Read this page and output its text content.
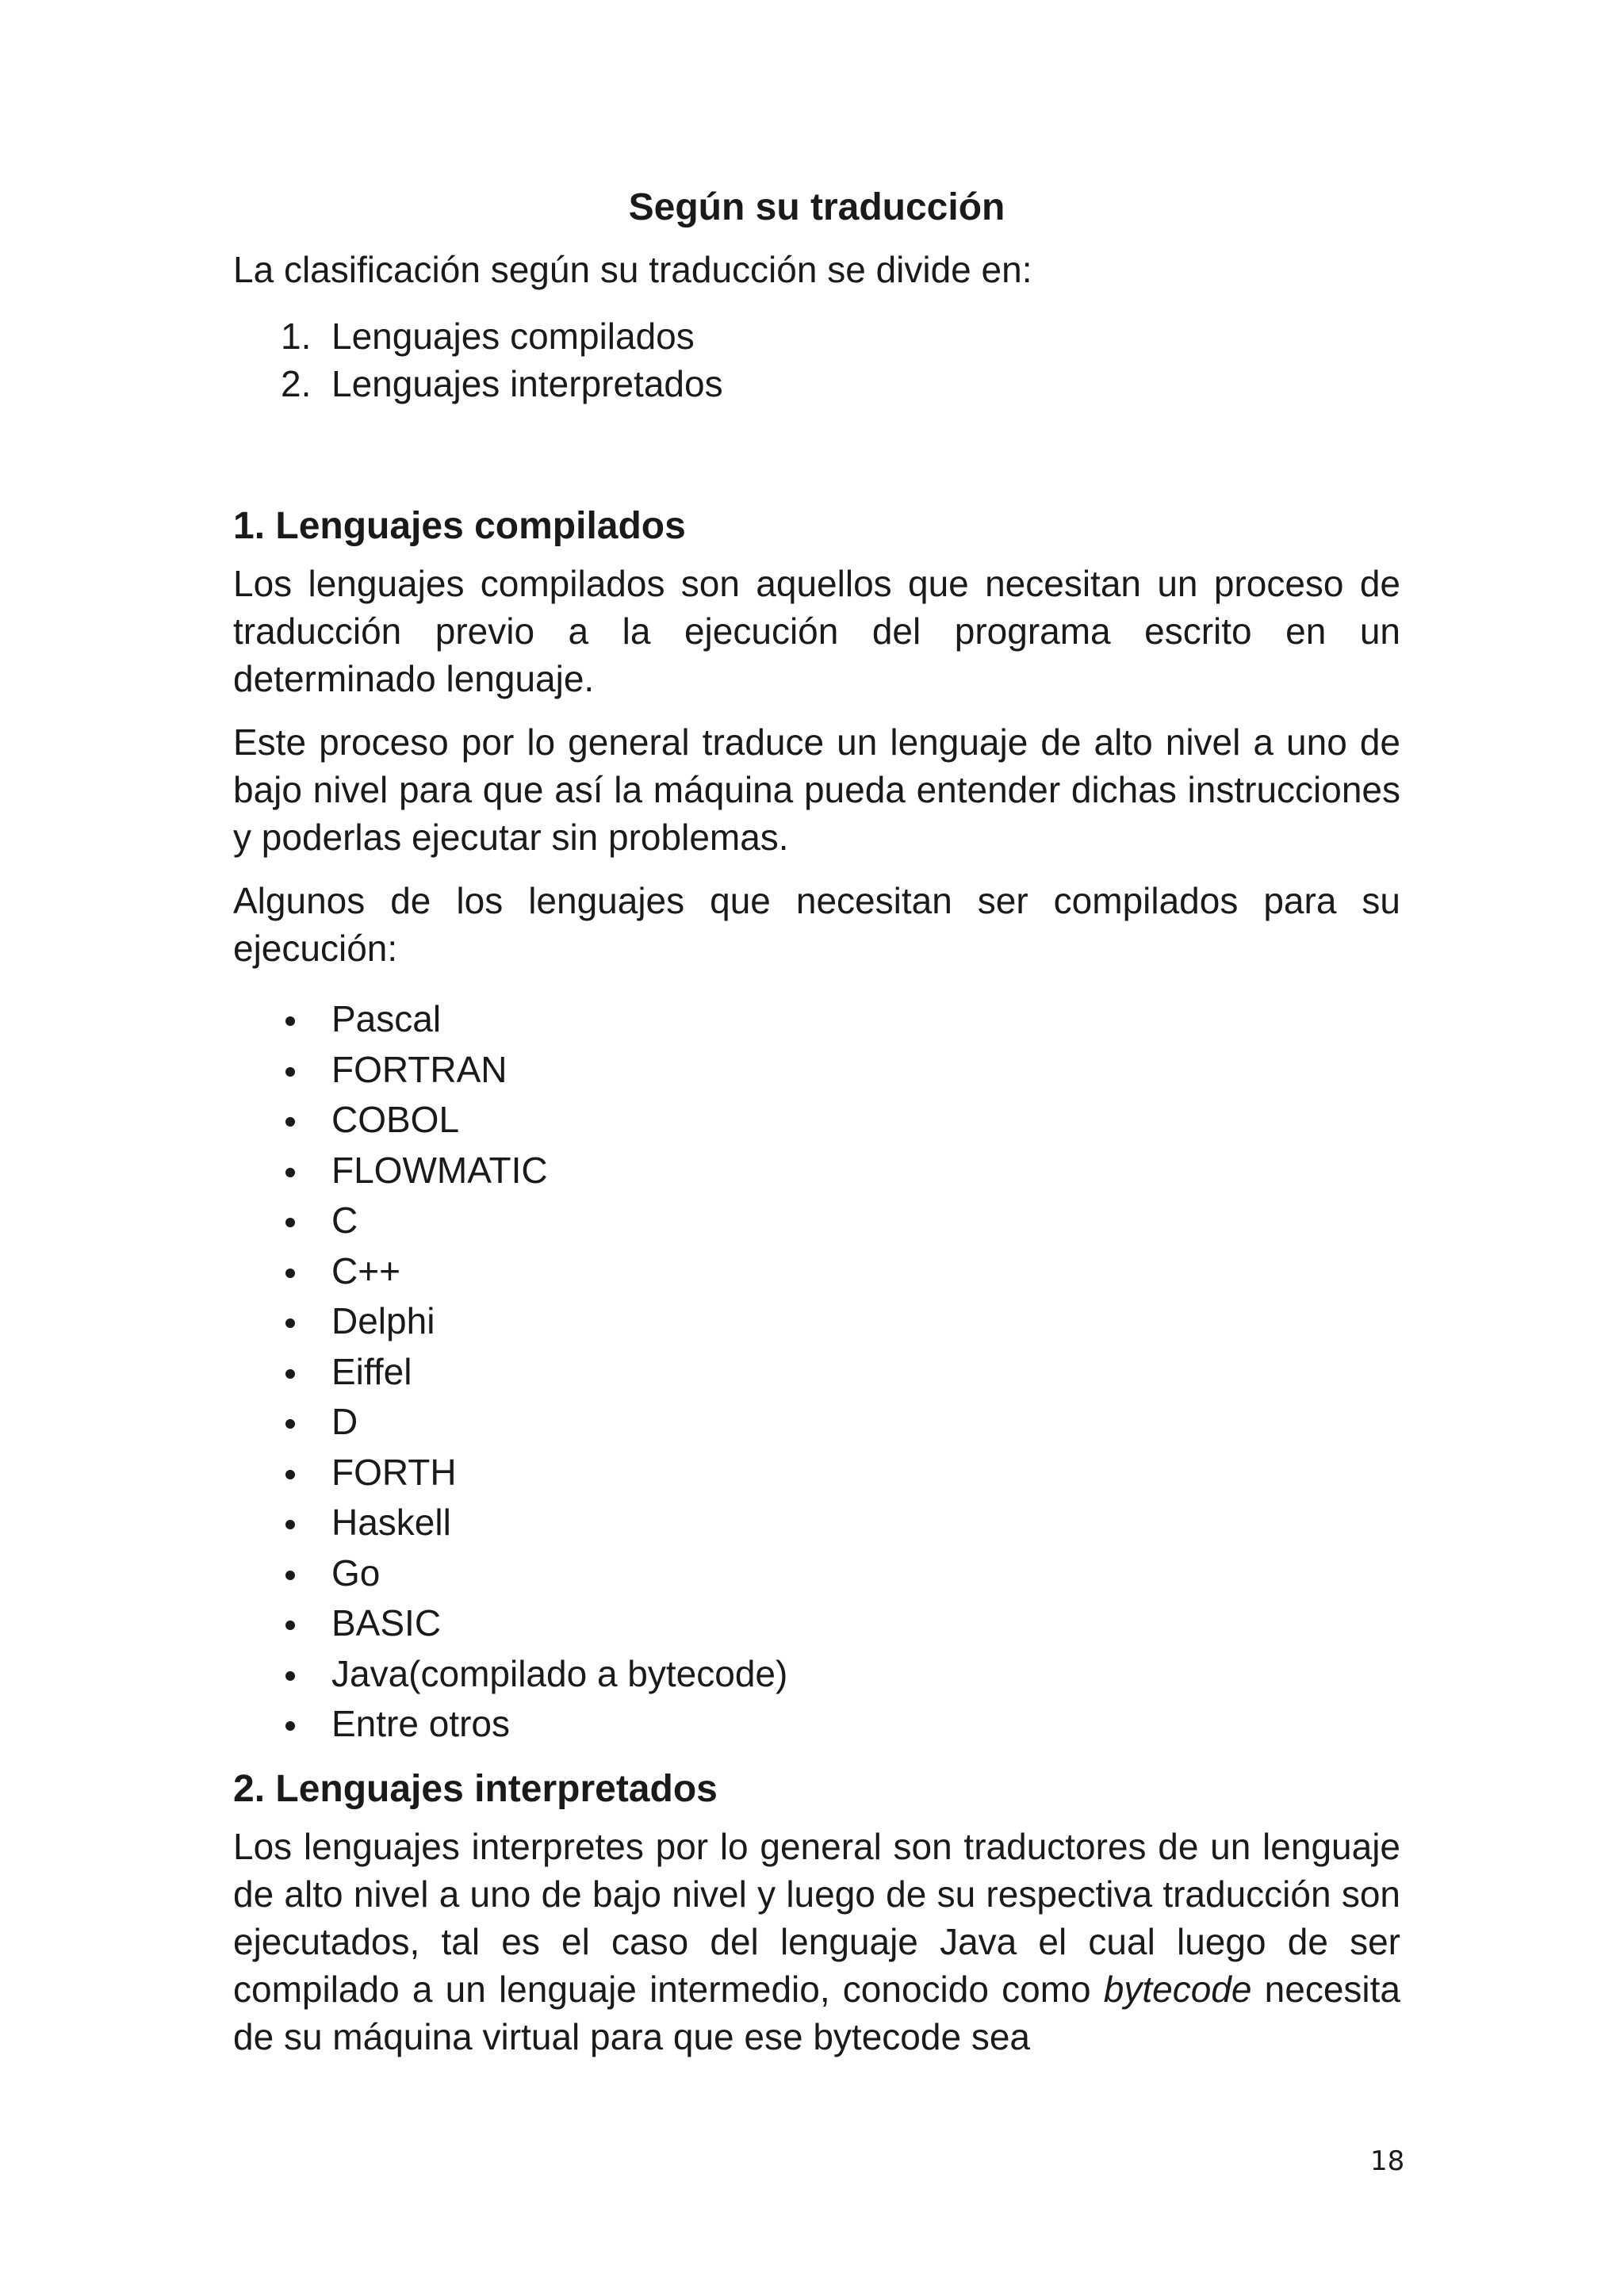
Según su traducción

La clasificación según su traducción se divide en:

1. Lenguajes compilados
2. Lenguajes interpretados
1. Lenguajes compilados

Los lenguajes compilados son aquellos que necesitan un proceso de traducción previo a la ejecución del programa escrito en un determinado lenguaje.

Este proceso por lo general traduce un lenguaje de alto nivel a uno de bajo nivel para que así la máquina pueda entender dichas instrucciones y poderlas ejecutar sin problemas.

Algunos de los lenguajes que necesitan ser compilados para su ejecución:

Pascal
FORTRAN
COBOL
FLOWMATIC
C
C++
Delphi
Eiffel
D
FORTH
Haskell
Go
BASIC
Java(compilado a bytecode)
Entre otros
2. Lenguajes interpretados

Los lenguajes interpretes por lo general son traductores de un lenguaje de alto nivel a uno de bajo nivel y luego de su respectiva traducción son ejecutados, tal es el caso del lenguaje Java el cual luego de ser compilado a un lenguaje intermedio, conocido como bytecode necesita de su máquina virtual para que ese bytecode sea

18
